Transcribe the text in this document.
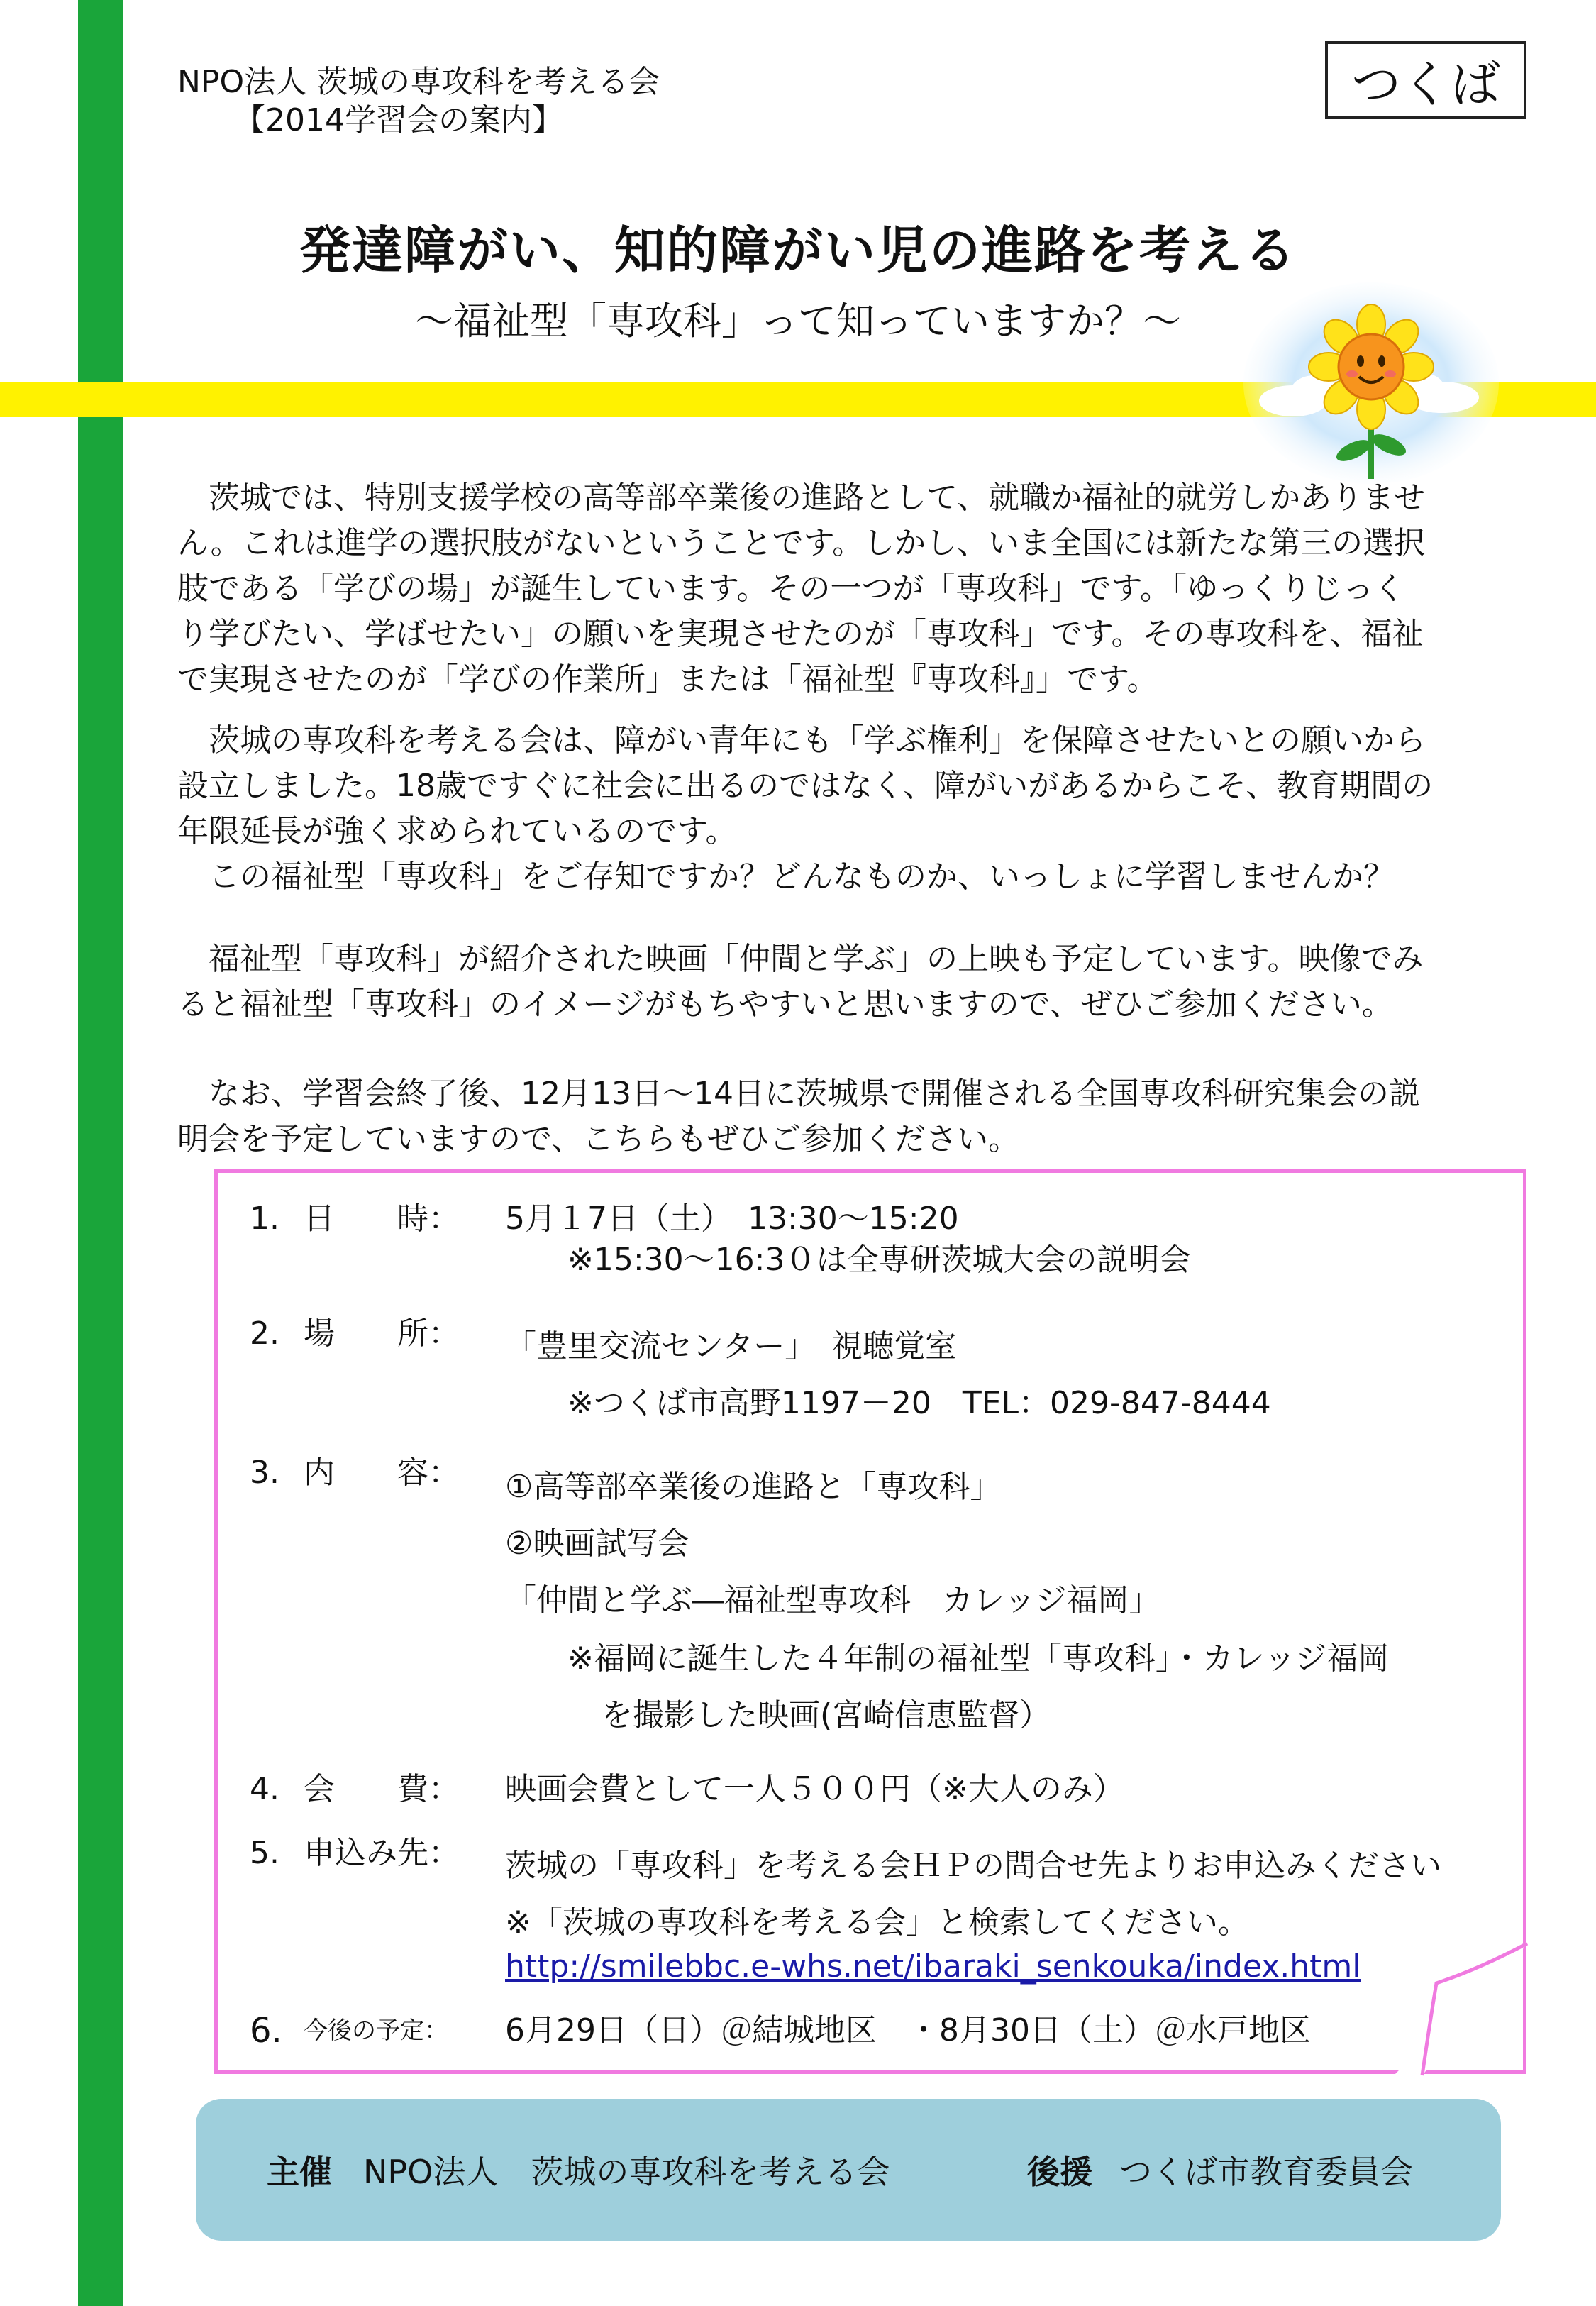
NPO法人 茨城の専攻科を考える会
【2014学習会の案内】
つくば
発達障がい、知的障がい児の進路を考える
～福祉型「専攻科」って知っていますか？～
　茨城では、特別支援学校の高等部卒業後の進路として、就職か福祉的就労しかありませ
ん。これは進学の選択肢がないということです。しかし、いま全国には新たな第三の選択
肢である「学びの場」が誕生しています。その一つが「専攻科」です。「ゆっくりじっく
り学びたい、学ばせたい」の願いを実現させたのが「専攻科」です。その専攻科を、福祉
で実現させたのが「学びの作業所」または「福祉型『専攻科』」です。
　茨城の専攻科を考える会は、障がい青年にも「学ぶ権利」を保障させたいとの願いから
設立しました。18歳ですぐに社会に出るのではなく、障がいがあるからこそ、教育期間の
年限延長が強く求められているのです。
　この福祉型「専攻科」をご存知ですか？どんなものか、いっしょに学習しませんか？
　福祉型「専攻科」が紹介された映画「仲間と学ぶ」の上映も予定しています。映像でみ
ると福祉型「専攻科」のイメージがもちやすいと思いますので、ぜひご参加ください。
　なお、学習会終了後、12月13日～14日に茨城県で開催される全国専攻科研究集会の説
明会を予定していますので、こちらもぜひご参加ください。
1. 日 時： 5月１7日（土）　13:30～15:20
※15:30～16:3０は全専研茨城大会の説明会
2. 場 所： 「豊里交流センター」　視聴覚室
※つくば市高野1197－20　TEL：029-847-8444
3. 内 容： ①高等部卒業後の進路と「専攻科」
②映画試写会
「仲間と学ぶ―福祉型専攻科　カレッジ福岡」
※福岡に誕生した４年制の福祉型「専攻科」・カレッジ福岡
を撮影した映画(宮崎信恵監督）
4. 会 費： 映画会費として一人５００円（※大人のみ）
5. 申込み先： 茨城の「専攻科」を考える会ＨＰの問合せ先よりお申込みください
※「茨城の専攻科を考える会」と検索してください。
http://smilebbc.e-whs.net/ibaraki_senkouka/index.html
6. 今後の予定： 6月29日（日）＠結城地区　・8月30日（土）＠水戸地区
主催 NPO法人　茨城の専攻科を考える会	後援 つくば市教育委員会
